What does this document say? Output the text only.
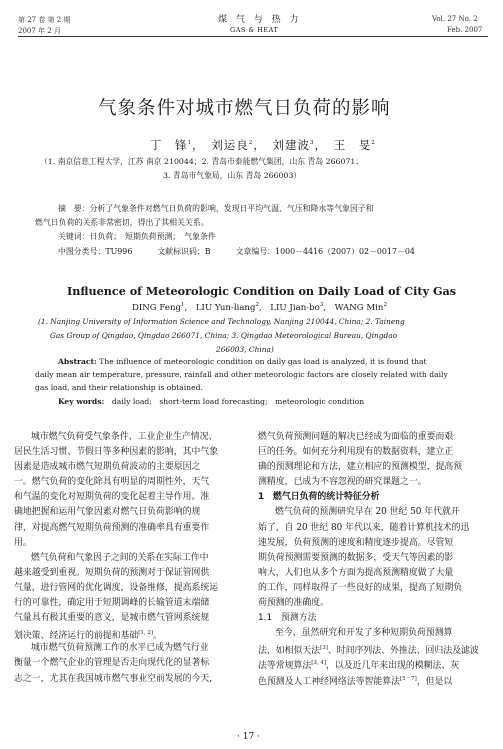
第 27 卷 第 2 期
2007 年 2 月
煤 气 与 热 力
GAS & HEAT
Vol. 27 No. 2
Feb. 2007
气象条件对城市燃气日负荷的影响
丁　锋$^1$，　刘运良$^2$，　刘建波$^3$，　王　旻$^2$
（1. 南京信息工程大学，江苏 南京 210044；2. 青岛市泰能燃气集团，山东 青岛 266071；
3. 青岛市气象局，山东 青岛 266003）
摘　要：分析了气象条件对燃气日负荷的影响，发现日平均气温、气压和降水等气象因子和
燃气日负荷的关系非常密切，得出了其相关关系。
关键词：日负荷；　短期负荷预测；　气象条件
中图分类号：TU996	文献标识码：B	文章编号：1000－4416（2007）02－0017－04
Influence of Meteorologic Condition on Daily Load of City Gas
DING Feng$^1$,　LIU Yun-liang$^2$,　LIU Jian-$bo^3$,　WANG Min$^2$
(1. Nanjing University of Information Science and Technology, Nanjing 210044, China; 2. Taineng
Gas Group of Qingdao, Qingdao 266071, China; 3. Qingdao Meteorological Bureau, Qingdao
266003, China)
Abstract: The influence of meteorologic condition on daily gas load is analyzed, it is found that
daily mean air temperature, pressure, rainfall and other meteorologic factors are closely related with daily
gas load, and their relationship is obtained.
Key words:　 daily load;　short-term load forecasting;　meteorologic condition
城市燃气负荷受气象条件、工业企业生产情况、
居民生活习惯、节假日等多种因素的影响，其中气象
因素是造成城市燃气短期负荷波动的主要原因之
一。燃气负荷的变化除具有明显的周期性外，天气
和气温的变化对短期负荷的变化起着主导作用。准
确地把握和运用气象因素对燃气日负荷影响的规
律，对提高燃气短期负荷预测的准确率具有重要作
用。
燃气负荷和气象因子之间的关系在实际工作中
越来越受到重视。短期负荷的预测对于保证管网供
气量，进行管网的优化调度，设备维修，提高系统运
行的可靠性，确定用于短期调峰的长输管道末端储
气量具有极其重要的意义，是城市燃气管网系统规
划决策、经济运行的前提和基础[1, 2]。
城市燃气负荷预测工作的水平已成为燃气行业
衡量一个燃气企业的管理是否走向现代化的显著标
志之一，尤其在我国城市燃气事业空前发展的今天，
燃气负荷预测问题的解决已经成为面临的重要而艰
巨的任务。如何充分利用现有的数据资料，建立正
确的预测理论和方法，建立相应的预测模型，提高预
测精度，已成为不容忽视的研究课题之一。
1　燃气日负荷的统计特征分析
燃气负荷的预测研究早在 20 世纪 50 年代就开
始了，自 20 世纪 80 年代以来，随着计算机技术的迅
速发展，负荷预测的速度和精度逐步提高。尽管短
期负荷预测需要预测的数据多，受天气等因素的影
响大，人们也从多个方面为提高预测精度做了大量
的工作，同样取得了一些良好的成果，提高了短期负
荷预测的准确度。
1.1　预测方法
至今，虽然研究和开发了多种短期负荷预测算
法，如相似天法[3]、时间序列法、外推法、回归法及滤波
法等常规算法[3, 4]，以及近几年来出现的模糊法、灰
色预测及人工神经网络法等智能算法[5－7]，但是以
· 17 ·
